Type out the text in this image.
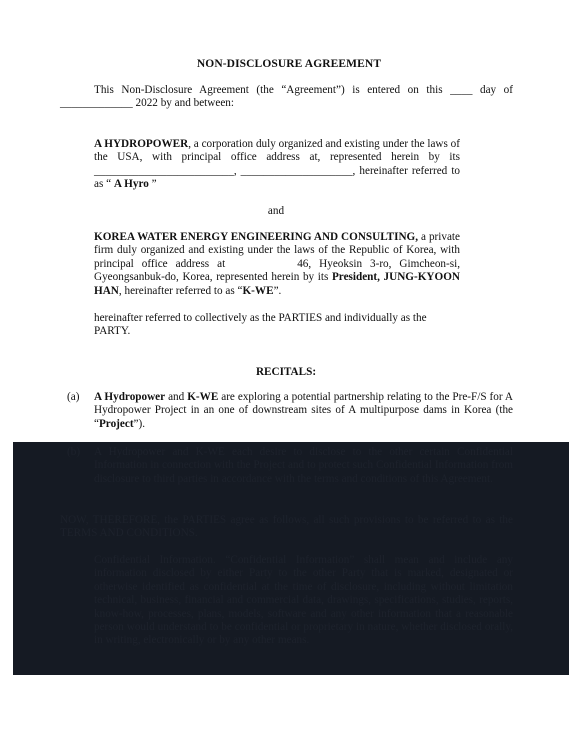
NON-DISCLOSURE AGREEMENT
This Non-Disclosure Agreement (the “Agreement”) is entered on this ____ day of
_____________ 2022 by and between:
A HYDROPOWER, a corporation duly organized and existing under the laws of the USA, with principal office address at, represented herein by its _________________________, ____________________, hereinafter referred to as “ A Hyro ”
and
KOREA WATER ENERGY ENGINEERING AND CONSULTING, a private firm duly organized and existing under the laws of the Republic of Korea, with principal office address at	46, Hyeoksin 3-ro, Gimcheon-si, Gyeongsanbuk-do, Korea, represented herein by its President, JUNG-KYOON HAN, hereinafter referred to as “K-WE”.
hereinafter referred to collectively as the PARTIES and individually as the PARTY.
RECITALS:
(a) A Hydropower and K-WE are exploring a potential partnership relating to the Pre-F/S for A Hydropower Project in an one of downstream sites of A multipurpose dams in Korea (the “Project”).
(b) A Hydropower and K-WE each desire to disclose to the other certain Confidential Information in connection with the Project and to protect such Confidential Information from disclosure to third parties in accordance with the terms and conditions of this Agreement.
NOW, THEREFORE, the PARTIES agree as follows, all such provisions to be referred to as the TERMS AND CONDITIONS.
Confidential Information. “Confidential Information” shall mean and include any information disclosed by either Party to the other Party that is marked, designated or otherwise identified as confidential at the time of disclosure, including without limitation technical, business, financial and commercial data, drawings, specifications, studies, reports, know-how, processes, plans, models, software and any other information that a reasonable person would understand to be confidential or proprietary in nature, whether disclosed orally, in writing, electronically or by any other means.
